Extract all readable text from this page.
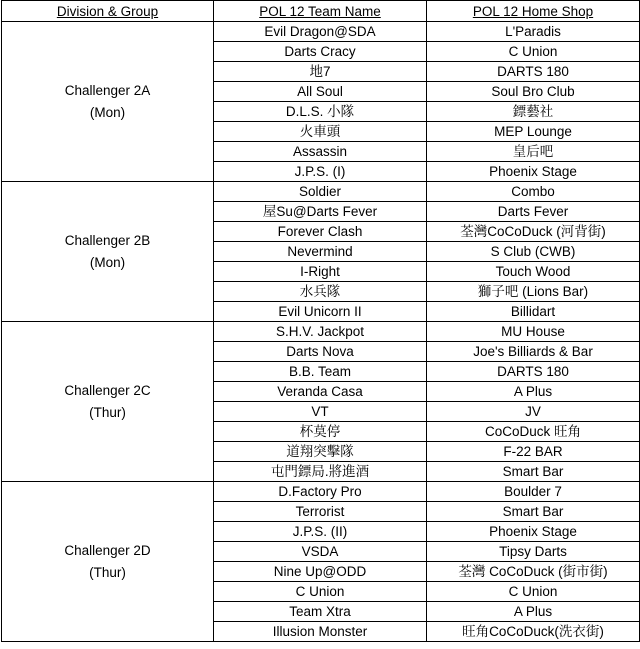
Division & Group	POL 12 Team Name	POL 12 Home Shop

Challenger 2A
(Mon)	Evil Dragon@SDA	L'Paradis
	Darts Cracy	C Union
	地7	DARTS 180
	All Soul	Soul Bro Club
	D.L.S. 小隊	鏢藝社
	火車頭	MEP Lounge
	Assassin	皇后吧
	J.P.S. (I)	Phoenix Stage

Challenger 2B
(Mon)	Soldier	Combo
	屋Su@Darts Fever	Darts Fever
	Forever Clash	荃灣CoCoDuck (河背街)
	Nevermind	S Club (CWB)
	I-Right	Touch Wood
	水兵隊	獅子吧 (Lions Bar)
	Evil Unicorn II	Billidart

Challenger 2C
(Thur)	S.H.V. Jackpot	MU House
	Darts Nova	Joe's Billiards & Bar
	B.B. Team	DARTS 180
	Veranda Casa	A Plus
	VT	JV
	杯莫停	CoCoDuck 旺角
	道翔突擊隊	F-22 BAR
	屯門鏢局.將進酒	Smart Bar

Challenger 2D
(Thur)	D.Factory Pro	Boulder 7
	Terrorist	Smart Bar
	J.P.S. (II)	Phoenix Stage
	VSDA	Tipsy Darts
	Nine Up@ODD	荃灣 CoCoDuck (街市街)
	C Union	C Union
	Team Xtra	A Plus
	Illusion Monster	旺角CoCoDuck(洗衣街)
